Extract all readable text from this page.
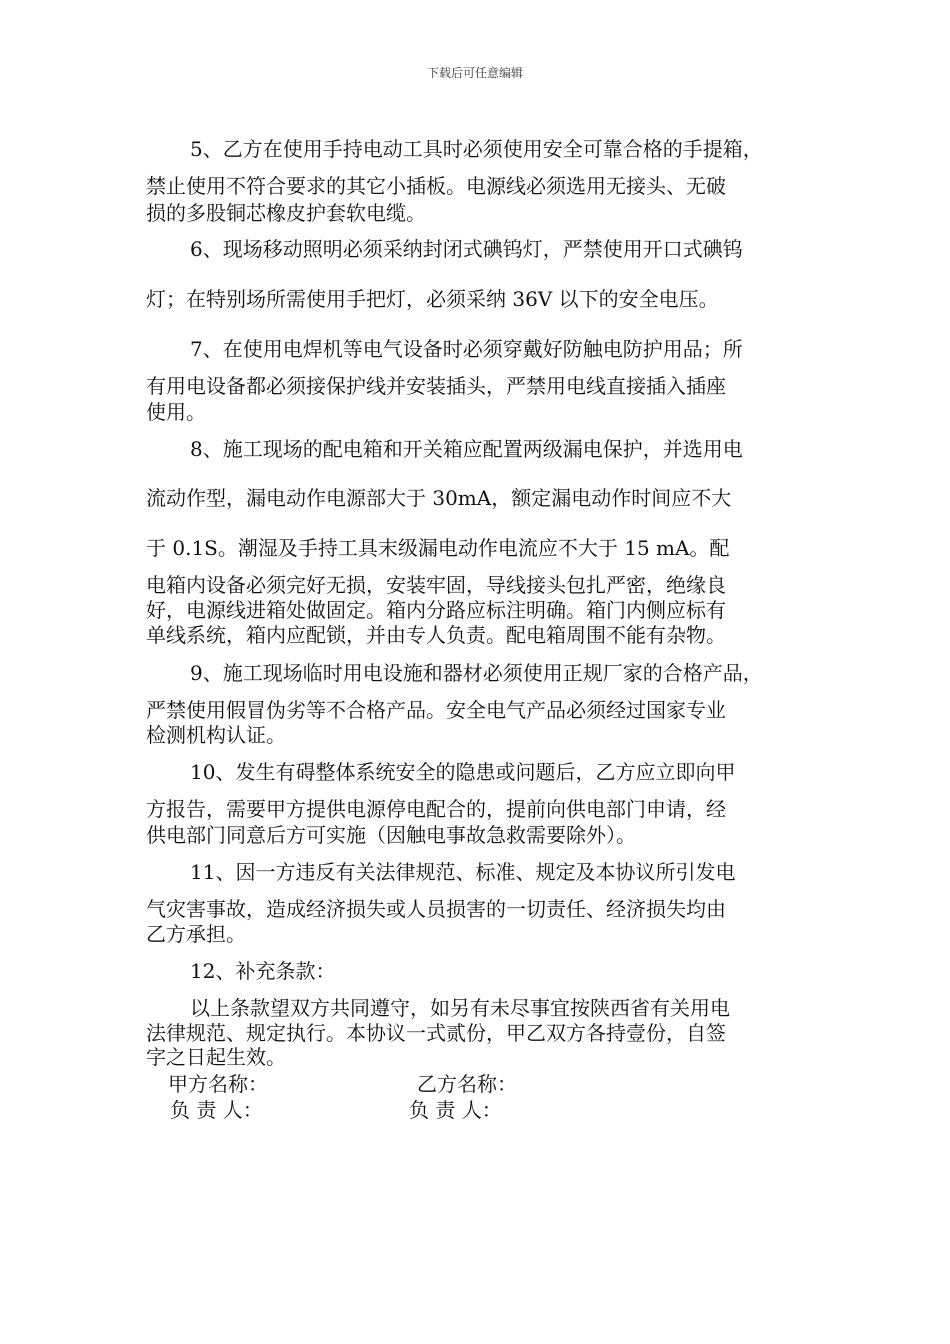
下载后可任意编辑
5、乙方在使用手持电动工具时必须使用安全可靠合格的手提箱，
禁止使用不符合要求的其它小插板。电源线必须选用无接头、无破
损的多股铜芯橡皮护套软电缆。
6、现场移动照明必须采纳封闭式碘钨灯，严禁使用开口式碘钨
灯；在特别场所需使用手把灯，必须采纳 36V 以下的安全电压。
7、在使用电焊机等电气设备时必须穿戴好防触电防护用品；所
有用电设备都必须接保护线并安装插头，严禁用电线直接插入插座
使用。
8、施工现场的配电箱和开关箱应配置两级漏电保护，并选用电
流动作型，漏电动作电源部大于 30mA，额定漏电动作时间应不大
于 0.1S。潮湿及手持工具末级漏电动作电流应不大于 15 mA。配
电箱内设备必须完好无损，安装牢固，导线接头包扎严密，绝缘良
好，电源线进箱处做固定。箱内分路应标注明确。箱门内侧应标有
单线系统，箱内应配锁，并由专人负责。配电箱周围不能有杂物。
9、施工现场临时用电设施和器材必须使用正规厂家的合格产品，
严禁使用假冒伪劣等不合格产品。安全电气产品必须经过国家专业
检测机构认证。
10、发生有碍整体系统安全的隐患或问题后，乙方应立即向甲
方报告，需要甲方提供电源停电配合的，提前向供电部门申请，经
供电部门同意后方可实施（因触电事故急救需要除外）。
11、因一方违反有关法律规范、标准、规定及本协议所引发电
气灾害事故，造成经济损失或人员损害的一切责任、经济损失均由
乙方承担。
12、补充条款：
以上条款望双方共同遵守，如另有未尽事宜按陕西省有关用电
法律规范、规定执行。本协议一式贰份，甲乙双方各持壹份，自签
字之日起生效。
甲方名称：	乙方名称：
负 责 人：	负 责 人：
